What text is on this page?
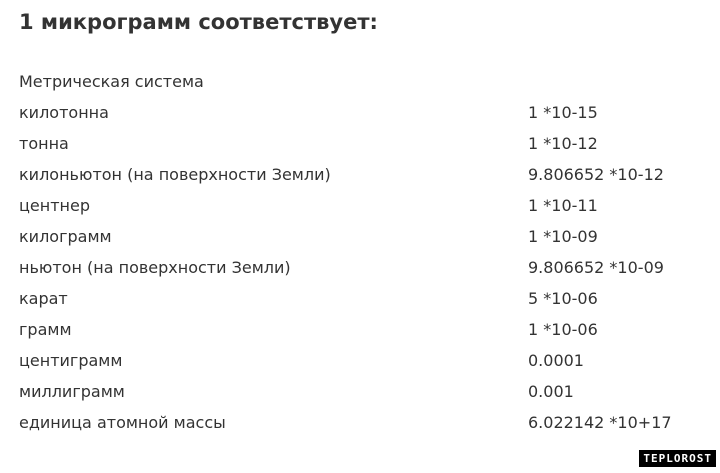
1 микрограмм соответствует:
Метрическая система
килотонна	1 *10-15
тонна	1 *10-12
килоньютон (на поверхности Земли)	9.806652 *10-12
центнер	1 *10-11
килограмм	1 *10-09
ньютон (на поверхности Земли)	9.806652 *10-09
карат	5 *10-06
грамм	1 *10-06
центиграмм	0.0001
миллиграмм	0.001
единица атомной массы	6.022142 *10+17
TEPLOROST
